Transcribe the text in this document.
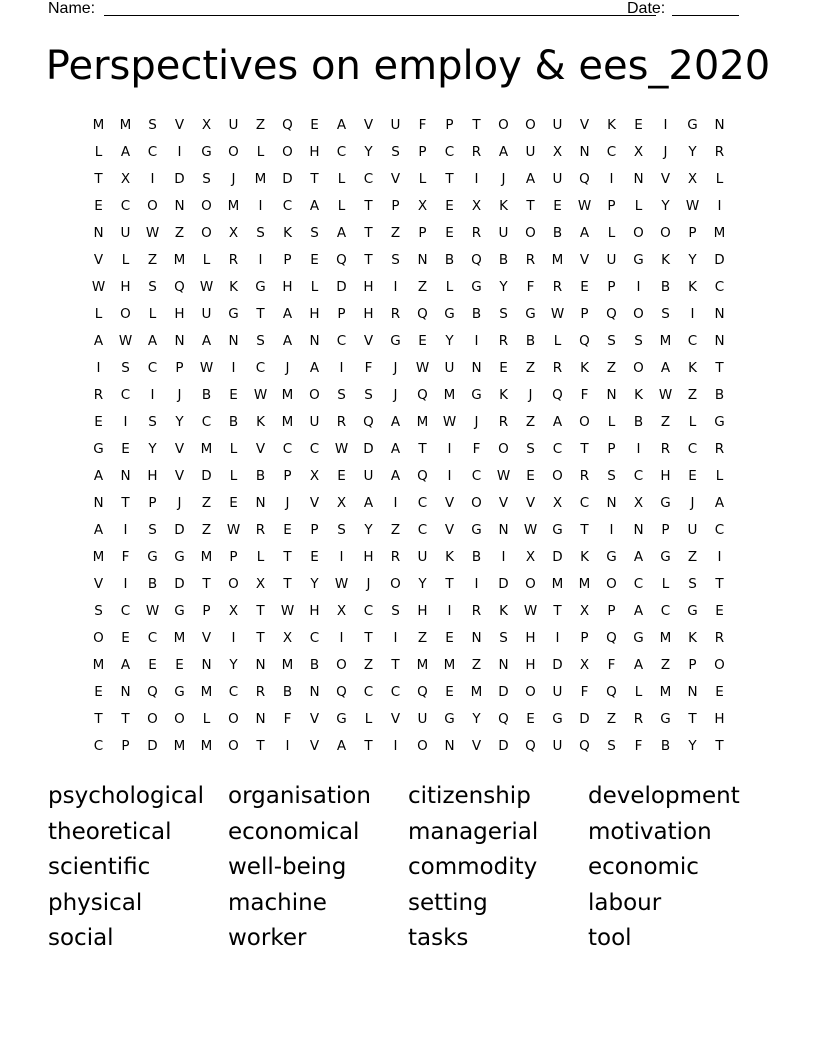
Name:	Date:
Perspectives on employ & ees_2020
M	M	S	V	X	U	Z	Q	E	A	V	U	F	P	T	O	O	U	V	K	E	I	G	N
L	A	C	I	G	O	L	O	H	C	Y	S	P	C	R	A	U	X	N	C	X	J	Y	R
T	X	I	D	S	J	M	D	T	L	C	V	L	T	I	J	A	U	Q	I	N	V	X	L
E	C	O	N	O	M	I	C	A	L	T	P	X	E	X	K	T	E	W	P	L	Y	W	I
N	U	W	Z	O	X	S	K	S	A	T	Z	P	E	R	U	O	B	A	L	O	O	P	M
V	L	Z	M	L	R	I	P	E	Q	T	S	N	B	Q	B	R	M	V	U	G	K	Y	D
W	H	S	Q	W	K	G	H	L	D	H	I	Z	L	G	Y	F	R	E	P	I	B	K	C
L	O	L	H	U	G	T	A	H	P	H	R	Q	G	B	S	G	W	P	Q	O	S	I	N
A	W	A	N	A	N	S	A	N	C	V	G	E	Y	I	R	B	L	Q	S	S	M	C	N
I	S	C	P	W	I	C	J	A	I	F	J	W	U	N	E	Z	R	K	Z	O	A	K	T
R	C	I	J	B	E	W	M	O	S	S	J	Q	M	G	K	J	Q	F	N	K	W	Z	B
E	I	S	Y	C	B	K	M	U	R	Q	A	M	W	J	R	Z	A	O	L	B	Z	L	G
G	E	Y	V	M	L	V	C	C	W	D	A	T	I	F	O	S	C	T	P	I	R	C	R
A	N	H	V	D	L	B	P	X	E	U	A	Q	I	C	W	E	O	R	S	C	H	E	L
N	T	P	J	Z	E	N	J	V	X	A	I	C	V	O	V	V	X	C	N	X	G	J	A
A	I	S	D	Z	W	R	E	P	S	Y	Z	C	V	G	N	W	G	T	I	N	P	U	C
M	F	G	G	M	P	L	T	E	I	H	R	U	K	B	I	X	D	K	G	A	G	Z	I
V	I	B	D	T	O	X	T	Y	W	J	O	Y	T	I	D	O	M	M	O	C	L	S	T
S	C	W	G	P	X	T	W	H	X	C	S	H	I	R	K	W	T	X	P	A	C	G	E
O	E	C	M	V	I	T	X	C	I	T	I	Z	E	N	S	H	I	P	Q	G	M	K	R
M	A	E	E	N	Y	N	M	B	O	Z	T	M	M	Z	N	H	D	X	F	A	Z	P	O
E	N	Q	G	M	C	R	B	N	Q	C	C	Q	E	M	D	O	U	F	Q	L	M	N	E
T	T	O	O	L	O	N	F	V	G	L	V	U	G	Y	Q	E	G	D	Z	R	G	T	H
C	P	D	M	M	O	T	I	V	A	T	I	O	N	V	D	Q	U	Q	S	F	B	Y	T
psychological	organisation	citizenship	development
theoretical	economical	managerial	motivation
scientific	well-being	commodity	economic
physical	machine	setting	labour
social	worker	tasks	tool
